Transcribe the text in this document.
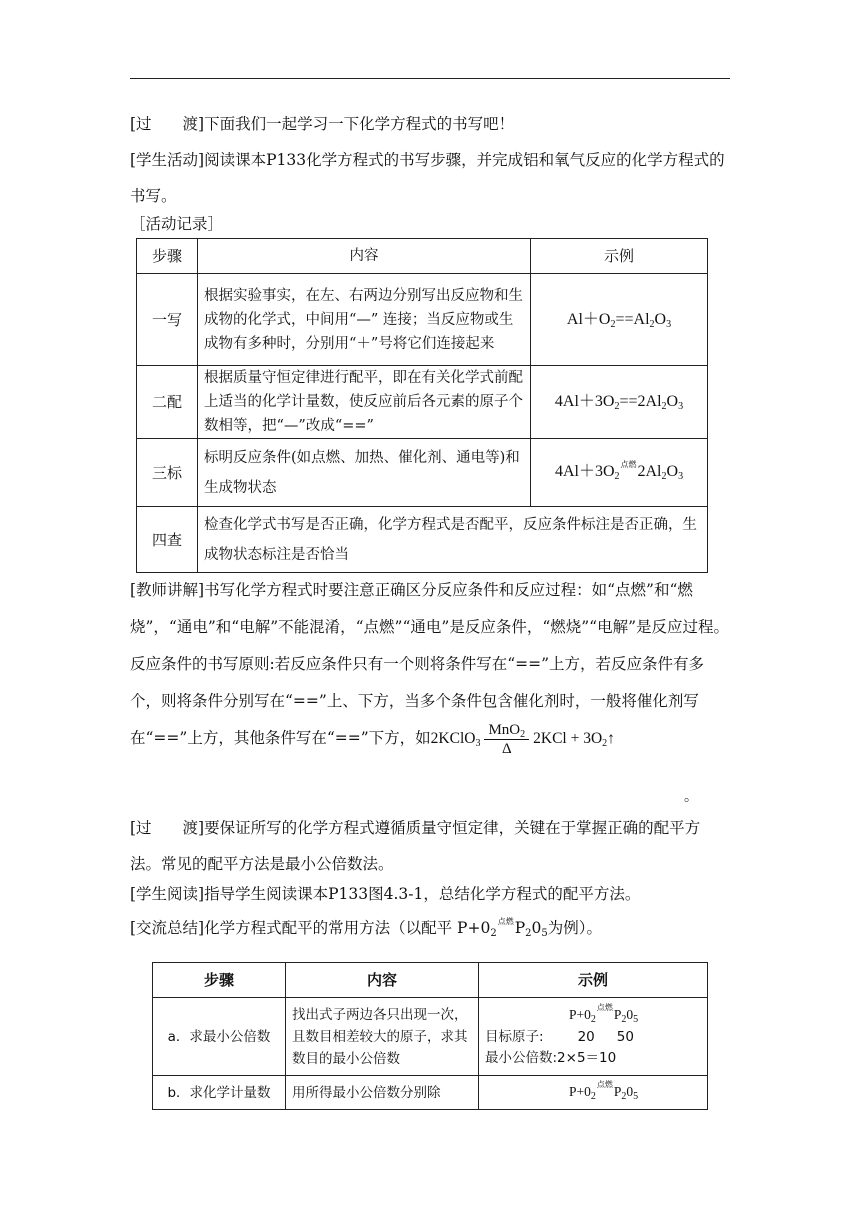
[过　　渡]下面我们一起学习一下化学方程式的书写吧！
[学生活动]阅读课本P133化学方程式的书写步骤，并完成铝和氧气反应的化学方程式的书写。
［活动记录］
步骤	内容	示例
一写	根据实验事实，在左、右两边分别写出反应物和生成物的化学式，中间用“—” 连接；当反应物或生成物有多种时，分别用“＋”号将它们连接起来	$Al+O_2==Al_2O_3$
二配	根据质量守恒定律进行配平，即在有关化学式前配上适当的化学计量数，使反应前后各元素的原子个数相等，把“—”改成“==”	$4Al+3O_2==2Al_2O_3$
三标	标明反应条件(如点燃、加热、催化剂、通电等)和生成物状态	$4Al+3O_2$点燃$2Al_2O_3$
四查	检查化学式书写是否正确，化学方程式是否配平，反应条件标注是否正确，生成物状态标注是否恰当	
[教师讲解]书写化学方程式时要注意正确区分反应条件和反应过程：如“点燃”和“燃烧”，“通电”和“电解”不能混淆，“点燃”“通电”是反应条件，“燃烧”“电解”是反应过程。反应条件的书写原则:若反应条件只有一个则将条件写在“==”上方，若反应条件有多个，则将条件分别写在“==”上、下方，当多个条件包含催化剂时，一般将催化剂写在“==”上方，其他条件写在“==”下方，如2KClO$_3$ $\frac{MnO_2}{\Delta} 2KCl$ + $3O_2↑$
。
[过　　渡]要保证所写的化学方程式遵循质量守恒定律，关键在于掌握正确的配平方法。常见的配平方法是最小公倍数法。
[学生阅读]指导学生阅读课本P133图4.3-1，总结化学方程式的配平方法。
[交流总结]化学方程式配平的常用方法（以配平 $P+0_2$点燃$P_20_5$为例）。
步骤	内容	示例
a．求最小公倍数	找出式子两边各只出现一次，且数目相差较大的原子，求其数目的最小公倍数	$P+0_2$点燃$P_20_5$
目标原子: 20 50
最小公倍数:2×5＝10

b．求化学计量数	用所得最小公倍数分别除	$P+0_2$点燃$P_20_5$
